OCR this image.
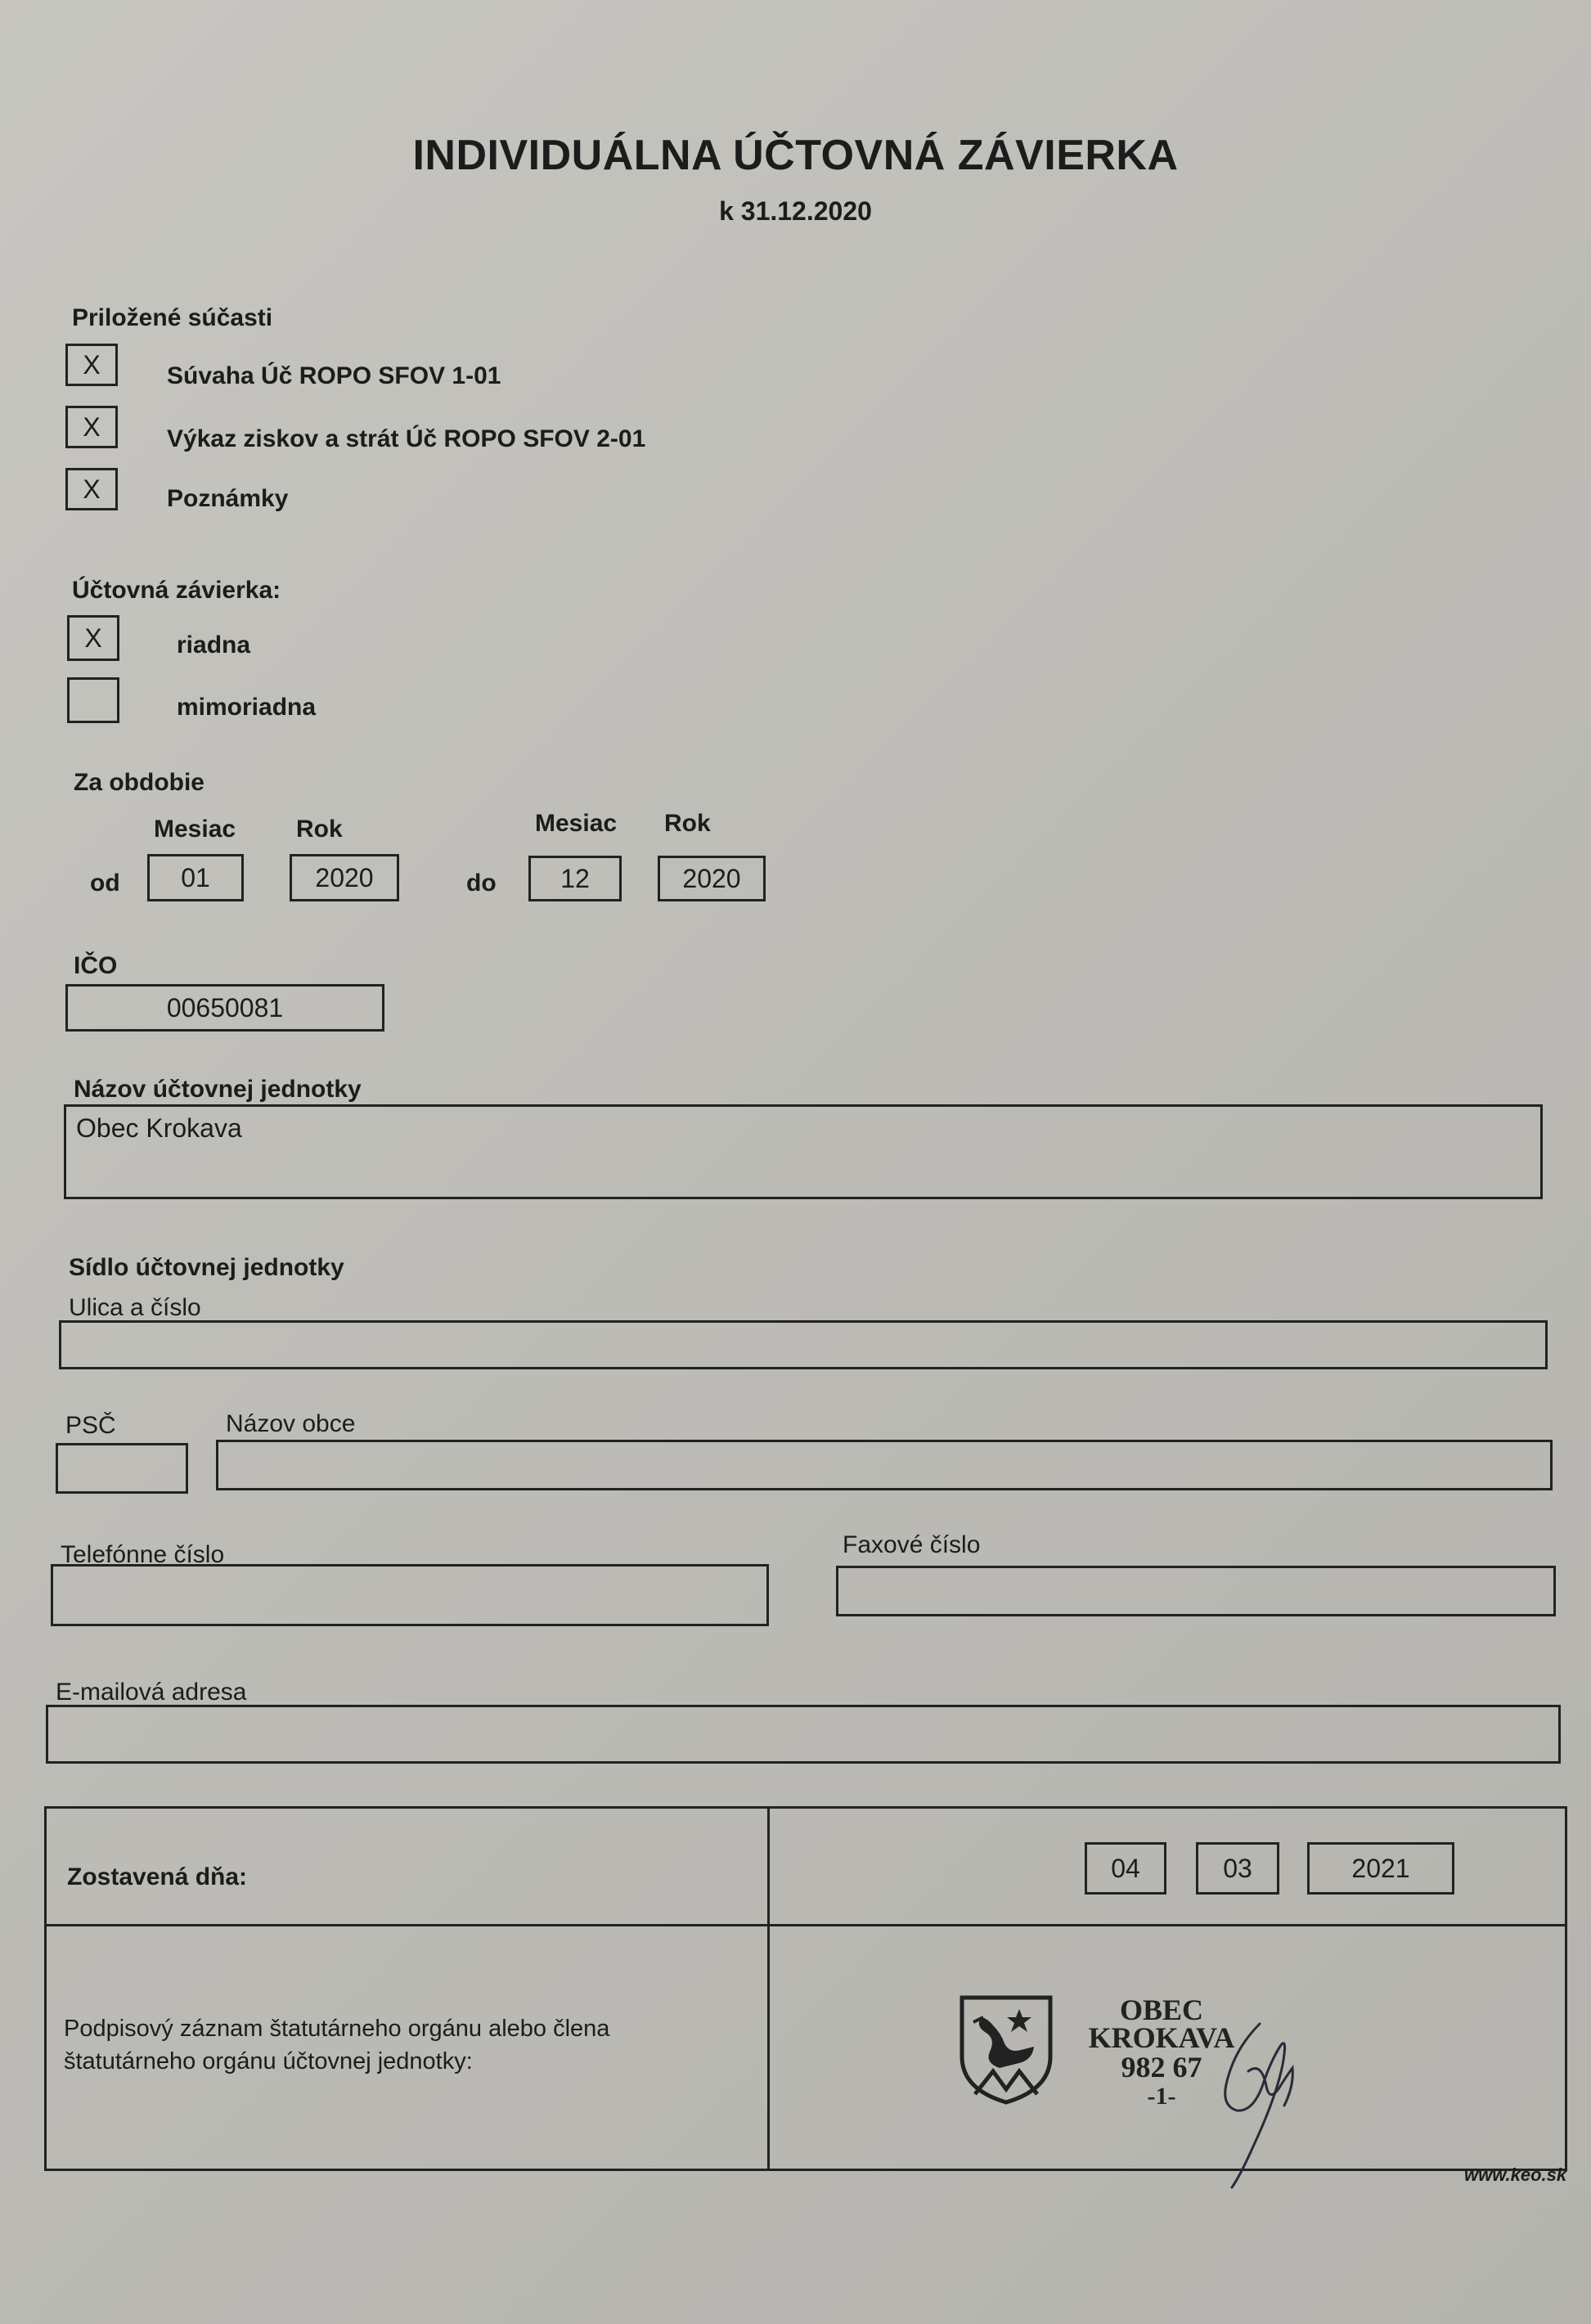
INDIVIDUÁLNA ÚČTOVNÁ ZÁVIERKA
k 31.12.2020
Priložené súčasti
X	Súvaha Úč ROPO SFOV 1-01
X	Výkaz ziskov a strát Úč ROPO SFOV 2-01
X	Poznámky
Účtovná závierka:
X	riadna
mimoriadna
Za obdobie
Mesiac Rok	Mesiac Rok
od	01	2020	do	12	2020
IČO
00650081
Názov účtovnej jednotky
Obec Krokava
Sídlo účtovnej jednotky
Ulica a číslo
PSČ	Názov obce
Telefónne číslo	Faxové číslo
E-mailová adresa
Zostavená dňa:	04	03	2021
Podpisový záznam štatutárneho orgánu alebo člena
štatutárneho orgánu účtovnej jednotky:
OBEC
KROKAVA
982 67
-1-
www.keo.sk
